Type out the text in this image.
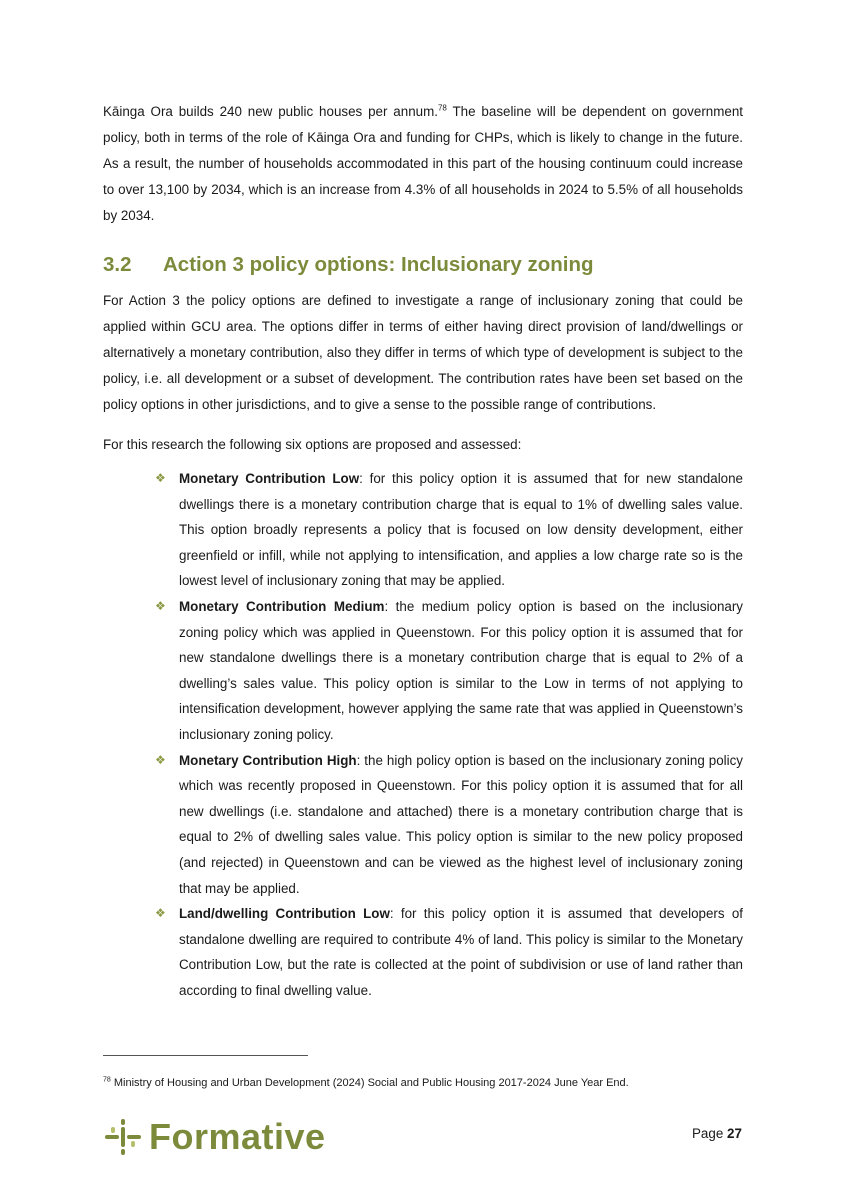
Kāinga Ora builds 240 new public houses per annum.$^{78}$ The baseline will be dependent on government policy, both in terms of the role of Kāinga Ora and funding for CHPs, which is likely to change in the future. As a result, the number of households accommodated in this part of the housing continuum could increase to over 13,100 by 2034, which is an increase from 4.3% of all households in 2024 to 5.5% of all households by 2034.

3.2	Action 3 policy options: Inclusionary zoning

For Action 3 the policy options are defined to investigate a range of inclusionary zoning that could be applied within GCU area. The options differ in terms of either having direct provision of land/dwellings or alternatively a monetary contribution, also they differ in terms of which type of development is subject to the policy, i.e. all development or a subset of development. The contribution rates have been set based on the policy options in other jurisdictions, and to give a sense to the possible range of contributions.

For this research the following six options are proposed and assessed:

❖ Monetary Contribution Low: for this policy option it is assumed that for new standalone dwellings there is a monetary contribution charge that is equal to 1% of dwelling sales value. This option broadly represents a policy that is focused on low density development, either greenfield or infill, while not applying to intensification, and applies a low charge rate so is the lowest level of inclusionary zoning that may be applied.
❖ Monetary Contribution Medium: the medium policy option is based on the inclusionary zoning policy which was applied in Queenstown. For this policy option it is assumed that for new standalone dwellings there is a monetary contribution charge that is equal to 2% of a dwelling’s sales value. This policy option is similar to the Low in terms of not applying to intensification development, however applying the same rate that was applied in Queenstown’s inclusionary zoning policy.
❖ Monetary Contribution High: the high policy option is based on the inclusionary zoning policy which was recently proposed in Queenstown. For this policy option it is assumed that for all new dwellings (i.e. standalone and attached) there is a monetary contribution charge that is equal to 2% of dwelling sales value. This policy option is similar to the new policy proposed (and rejected) in Queenstown and can be viewed as the highest level of inclusionary zoning that may be applied.
❖ Land/dwelling Contribution Low: for this policy option it is assumed that developers of standalone dwelling are required to contribute 4% of land. This policy is similar to the Monetary Contribution Low, but the rate is collected at the point of subdivision or use of land rather than according to final dwelling value.
$^{78}$ Ministry of Housing and Urban Development (2024) Social and Public Housing 2017-2024 June Year End.
Formative	Page 27
